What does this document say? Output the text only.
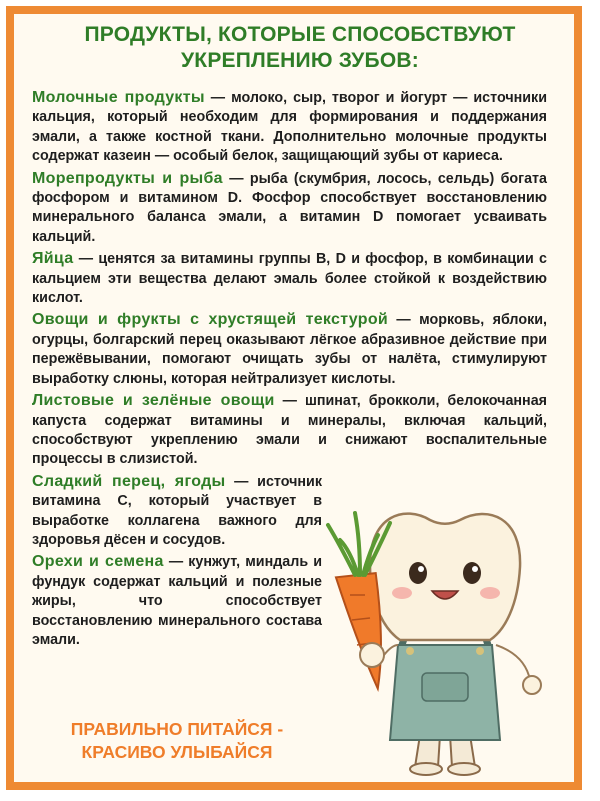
ПРОДУКТЫ, КОТОРЫЕ СПОСОБСТВУЮТ
УКРЕПЛЕНИЮ ЗУБОВ:

Молочные продукты — молоко, сыр, творог и йогурт — источники кальция, который необходим для формирования и поддержания эмали, а также костной ткани. Дополнительно молочные продукты содержат казеин — особый белок, защищающий зубы от кариеса.

Морепродукты и рыба — рыба (скумбрия, лосось, сельдь) богата фосфором и витамином D. Фосфор способствует восстановлению минерального баланса эмали, а витамин D помогает усваивать кальций.

Яйца — ценятся за витамины группы B, D и фосфор, в комбинации с кальцием эти вещества делают эмаль более стойкой к воздействию кислот.

Овощи и фрукты с хрустящей текстурой — морковь, яблоки, огурцы, болгарский перец оказывают лёгкое абразивное действие при пережёвывании, помогают очищать зубы от налёта, стимулируют выработку слюны, которая нейтрализует кислоты.

Листовые и зелёные овощи — шпинат, брокколи, белокочанная капуста содержат витамины и минералы, включая кальций, способствуют укреплению эмали и снижают воспалительные процессы в слизистой.

Сладкий перец, ягоды — источник витамина C, который участвует в выработке коллагена важного для здоровья дёсен и сосудов.

Орехи и семена — кунжут, миндаль и фундук содержат кальций и полезные жиры, что способствует восстановлению минерального состава эмали.

ПРАВИЛЬНО ПИТАЙСЯ -
КРАСИВО УЛЫБАЙСЯ
